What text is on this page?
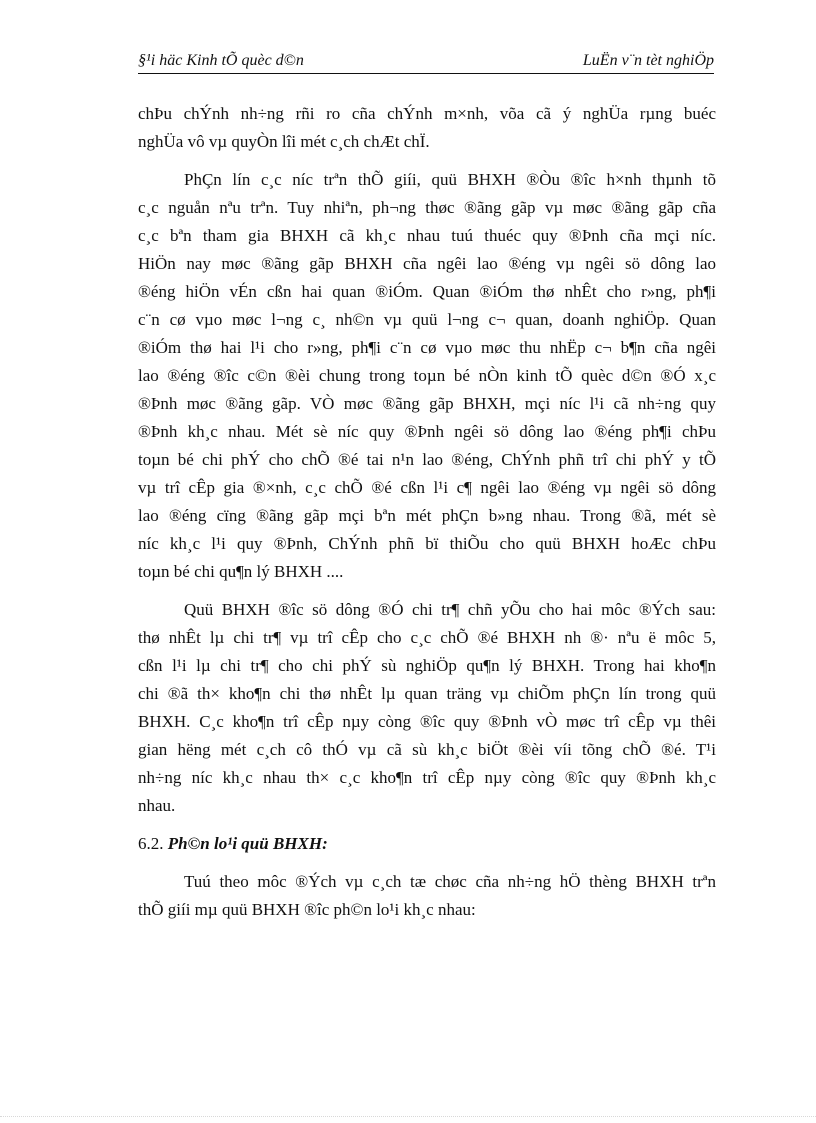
§¹i häc Kinh tÕ quèc d©n	LuËn v¨n tèt nghiÖp
chÞu chÝnh nh÷ng rñi ro cña chÝnh m×nh, võa cã ý nghÜa rµng buéc
nghÜa vô vµ quyÒn lîi mét c¸ch chÆt chÏ.
PhÇn lín c¸c níc trªn thÕ giíi, quü BHXH ®Òu ®îc h×nh thµnh tõ
c¸c nguån nªu trªn. Tuy nhiªn, ph¬ng thøc ®ãng gãp vµ møc ®ãng gãp cña
c¸c bªn tham gia BHXH cã kh¸c nhau tuú thuéc quy ®Þnh cña mçi níc.
HiÖn nay møc ®ãng gãp BHXH cña ngêi lao ®éng vµ ngêi sö dông lao
®éng hiÖn vÉn cßn hai quan ®iÓm. Quan ®iÓm thø nhÊt cho r»ng, ph¶i
c¨n cø vµo møc l¬ng c¸ nh©n vµ quü l¬ng c¬ quan, doanh nghiÖp. Quan
®iÓm thø hai l¹i cho r»ng, ph¶i c¨n cø vµo møc thu nhËp c¬ b¶n cña ngêi
lao ®éng ®îc c©n ®èi chung trong toµn bé nÒn kinh tÕ quèc d©n ®Ó x¸c
®Þnh møc ®ãng gãp. VÒ møc ®ãng gãp BHXH, mçi níc l¹i cã nh÷ng quy
®Þnh kh¸c nhau. Mét sè níc quy ®Þnh ngêi sö dông lao ®éng ph¶i chÞu
toµn bé chi phÝ cho chÕ ®é tai n¹n lao ®éng, ChÝnh phñ trî chi phÝ y tÕ
vµ trî cÊp gia ®×nh, c¸c chÕ ®é cßn l¹i c¶ ngêi lao ®éng vµ ngêi sö dông
lao ®éng cïng ®ãng gãp mçi bªn mét phÇn b»ng nhau. Trong ®ã, mét sè
níc kh¸c l¹i quy ®Þnh, ChÝnh phñ bï thiÕu cho quü BHXH hoÆc chÞu
toµn bé chi qu¶n lý BHXH ....
Quü BHXH ®îc sö dông ®Ó chi tr¶ chñ yÕu cho hai môc ®Ých sau:
thø nhÊt lµ chi tr¶ vµ trî cÊp cho c¸c chÕ ®é BHXH nh ®· nªu ë môc 5,
cßn l¹i lµ chi tr¶ cho chi phÝ sù nghiÖp qu¶n lý BHXH. Trong hai kho¶n
chi ®ã th× kho¶n chi thø nhÊt lµ quan träng vµ chiÕm phÇn lín trong quü
BHXH. C¸c kho¶n trî cÊp nµy còng ®îc quy ®Þnh vÒ møc trî cÊp vµ thêi
gian hëng mét c¸ch cô thÓ vµ cã sù kh¸c biÖt ®èi víi tõng chÕ ®é. T¹i
nh÷ng níc kh¸c nhau th× c¸c kho¶n trî cÊp nµy còng ®îc quy ®Þnh kh¸c
nhau.
6.2. Ph©n lo¹i quü BHXH:
Tuú theo môc ®Ých vµ c¸ch tæ chøc cña nh÷ng hÖ thèng BHXH trªn
thÕ giíi mµ quü BHXH ®îc ph©n lo¹i kh¸c nhau:
